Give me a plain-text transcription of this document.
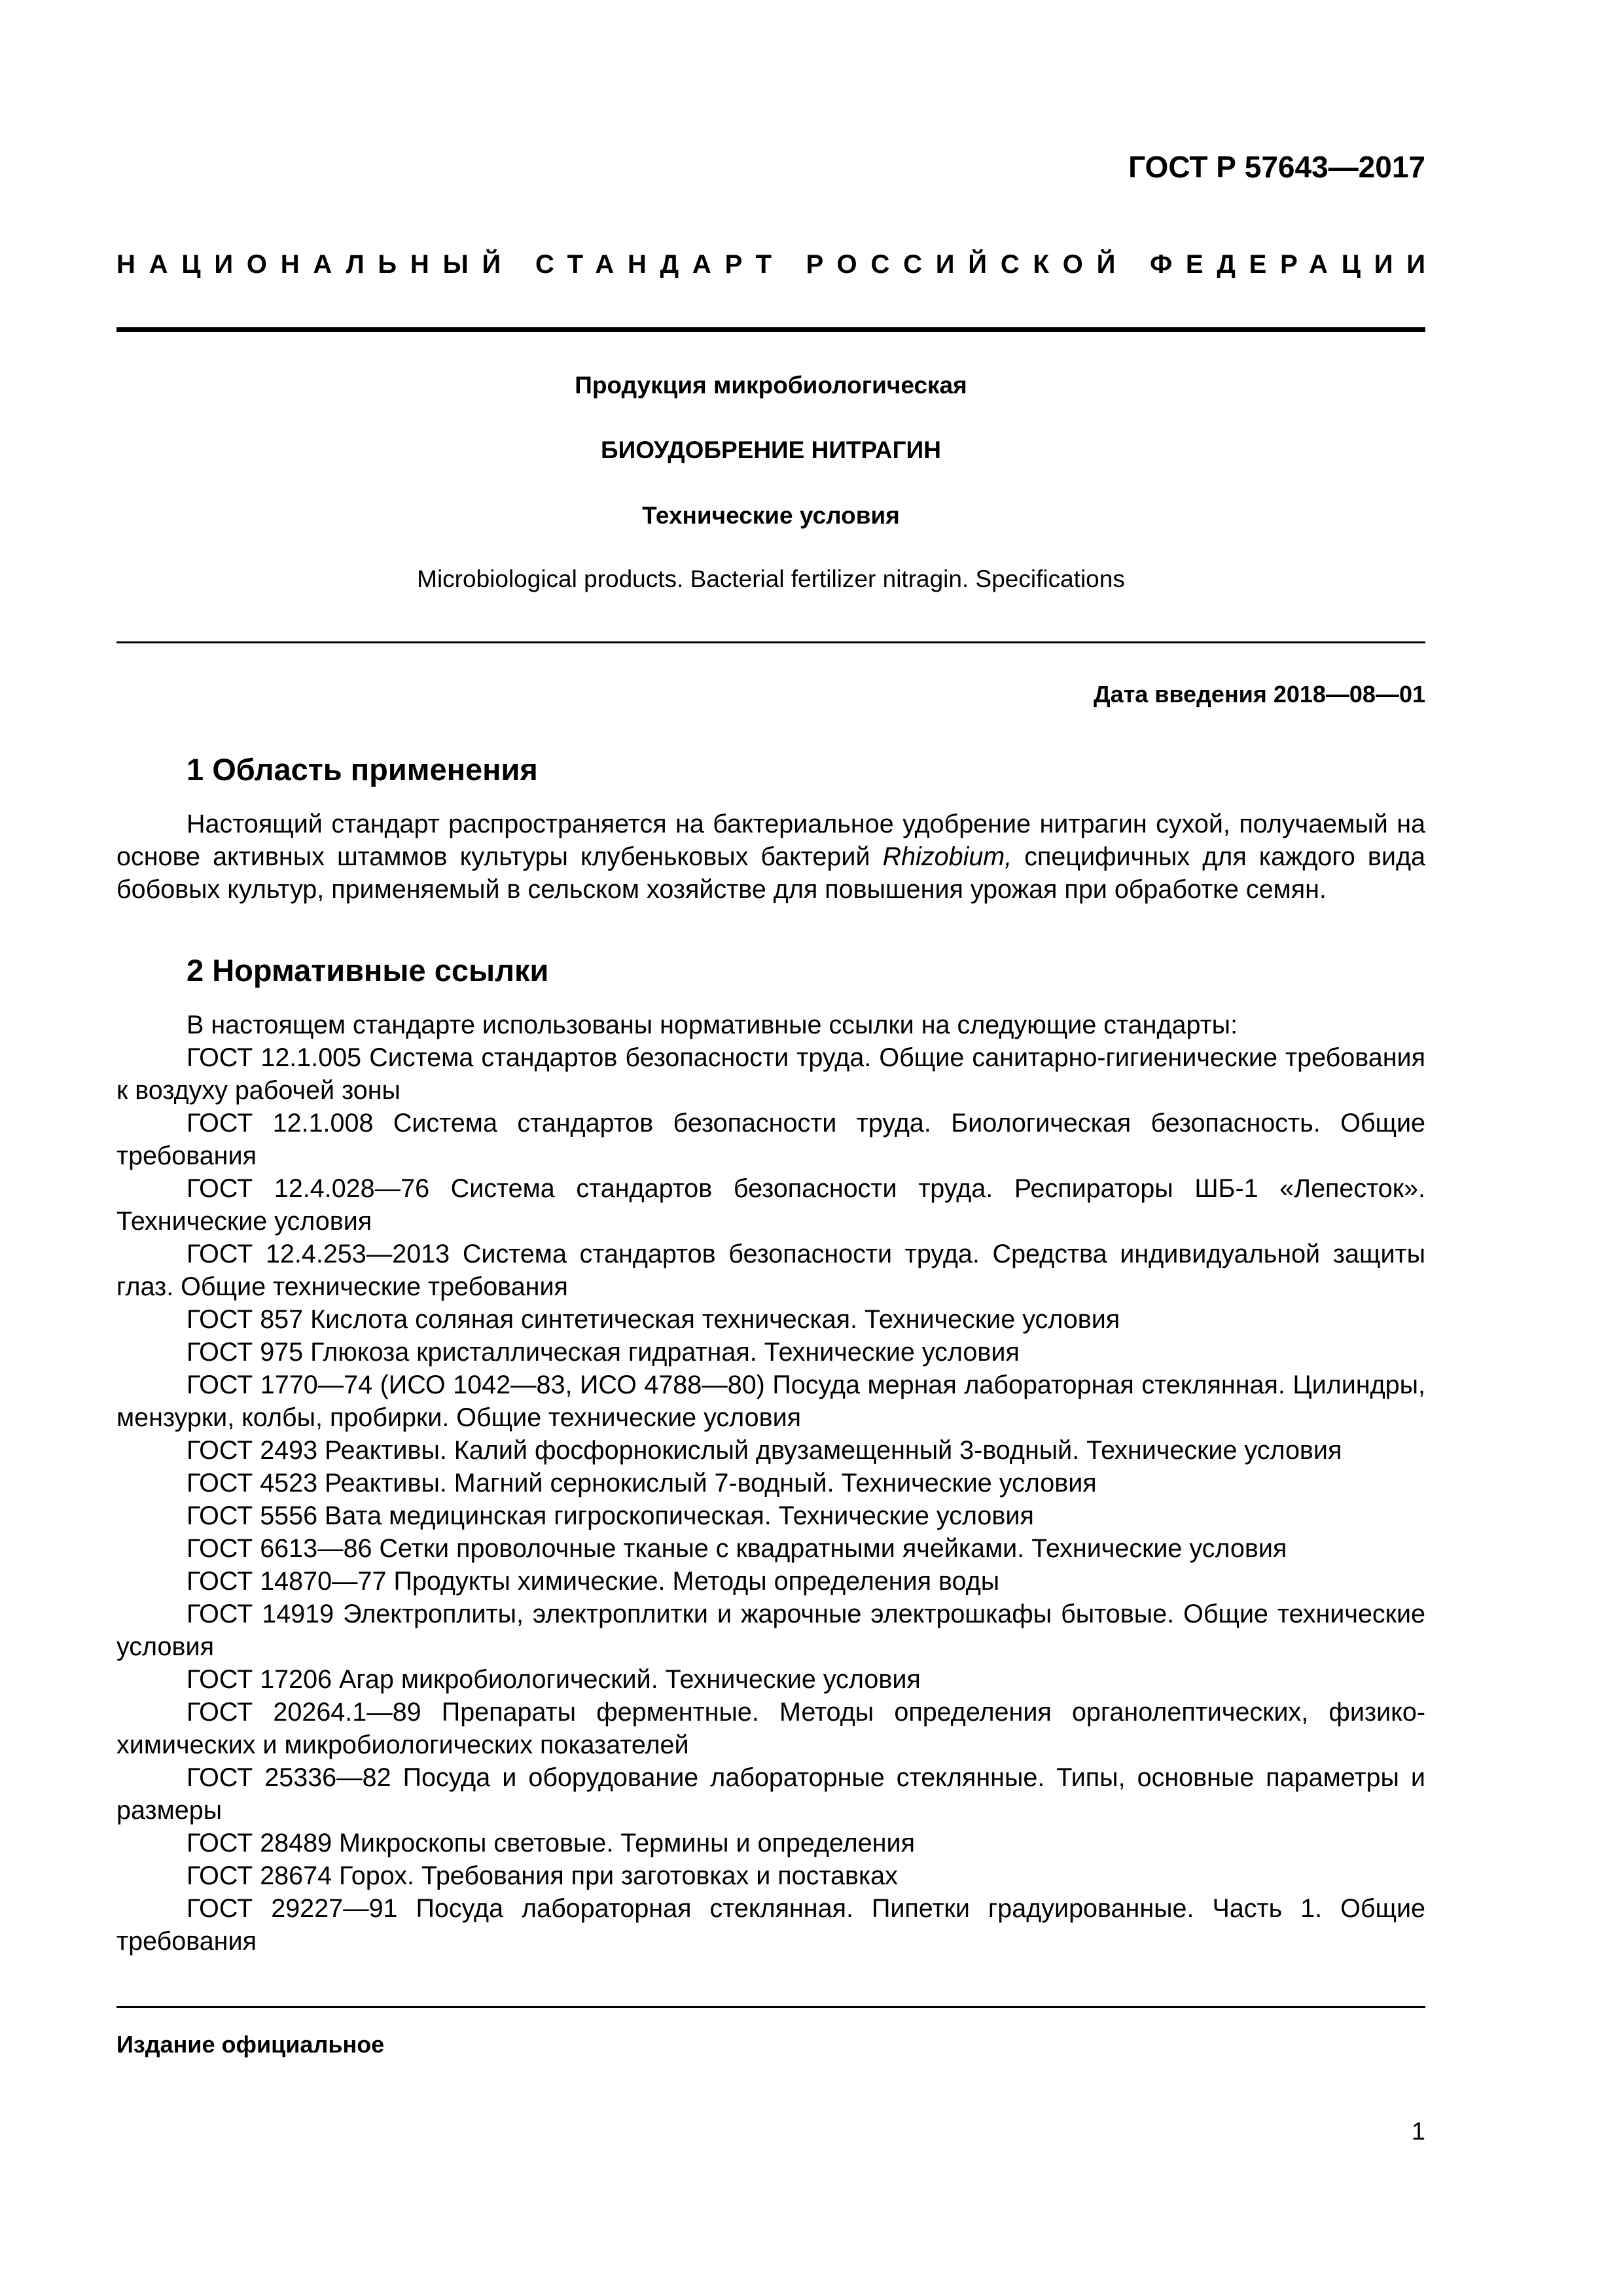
ГОСТ Р 57643—2017
НАЦИОНАЛЬНЫЙ СТАНДАРТ РОССИЙСКОЙ ФЕДЕРАЦИИ
Продукция микробиологическая
БИОУДОБРЕНИЕ НИТРАГИН
Технические условия
Microbiological products. Bacterial fertilizer nitragin. Specifications
Дата введения 2018—08—01
1 Область применения

Настоящий стандарт распространяется на бактериальное удобрение нитрагин сухой, получаемый на основе активных штаммов культуры клубеньковых бактерий Rhizobium, специфичных для каждого вида бобовых культур, применяемый в сельском хозяйстве для повышения урожая при обработке семян.

2 Нормативные ссылки

В настоящем стандарте использованы нормативные ссылки на следующие стандарты:

ГОСТ 12.1.005 Система стандартов безопасности труда. Общие санитарно-гигиенические требования к воздуху рабочей зоны

ГОСТ 12.1.008 Система стандартов безопасности труда. Биологическая безопасность. Общие требования

ГОСТ 12.4.028—76 Система стандартов безопасности труда. Респираторы ШБ-1 «Лепесток». Технические условия

ГОСТ 12.4.253—2013 Система стандартов безопасности труда. Средства индивидуальной защиты глаз. Общие технические требования

ГОСТ 857 Кислота соляная синтетическая техническая. Технические условия

ГОСТ 975 Глюкоза кристаллическая гидратная. Технические условия

ГОСТ 1770—74 (ИСО 1042—83, ИСО 4788—80) Посуда мерная лабораторная стеклянная. Цилиндры, мензурки, колбы, пробирки. Общие технические условия

ГОСТ 2493 Реактивы. Калий фосфорнокислый двузамещенный 3-водный. Технические условия

ГОСТ 4523 Реактивы. Магний сернокислый 7-водный. Технические условия

ГОСТ 5556 Вата медицинская гигроскопическая. Технические условия

ГОСТ 6613—86 Сетки проволочные тканые с квадратными ячейками. Технические условия

ГОСТ 14870—77 Продукты химические. Методы определения воды

ГОСТ 14919 Электроплиты, электроплитки и жарочные электрошкафы бытовые. Общие технические условия

ГОСТ 17206 Агар микробиологический. Технические условия

ГОСТ 20264.1—89 Препараты ферментные. Методы определения органолептических, физико-химических и микробиологических показателей

ГОСТ 25336—82 Посуда и оборудование лабораторные стеклянные. Типы, основные параметры и размеры

ГОСТ 28489 Микроскопы световые. Термины и определения

ГОСТ 28674 Горох. Требования при заготовках и поставках

ГОСТ 29227—91 Посуда лабораторная стеклянная. Пипетки градуированные. Часть 1. Общие требования

Издание официальное
1
